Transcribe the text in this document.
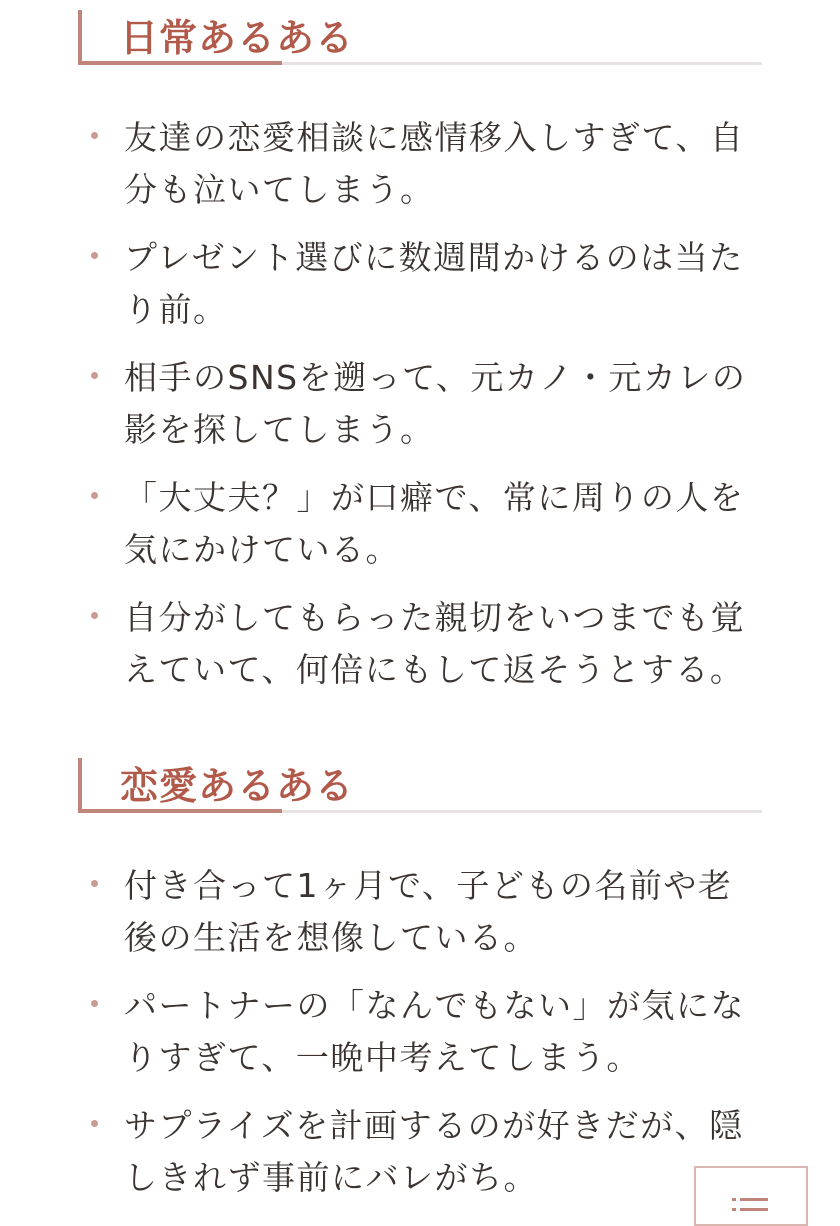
日常あるある
友達の恋愛相談に感情移入しすぎて、自分も泣いてしまう。
プレゼント選びに数週間かけるのは当たり前。
相手のSNSを遡って、元カノ・元カレの影を探してしまう。
「大丈夫？」が口癖で、常に周りの人を気にかけている。
自分がしてもらった親切をいつまでも覚えていて、何倍にもして返そうとする。
恋愛あるある
付き合って1ヶ月で、子どもの名前や老後の生活を想像している。
パートナーの「なんでもない」が気になりすぎて、一晩中考えてしまう。
サプライズを計画するのが好きだが、隠しきれず事前にバレがち。
